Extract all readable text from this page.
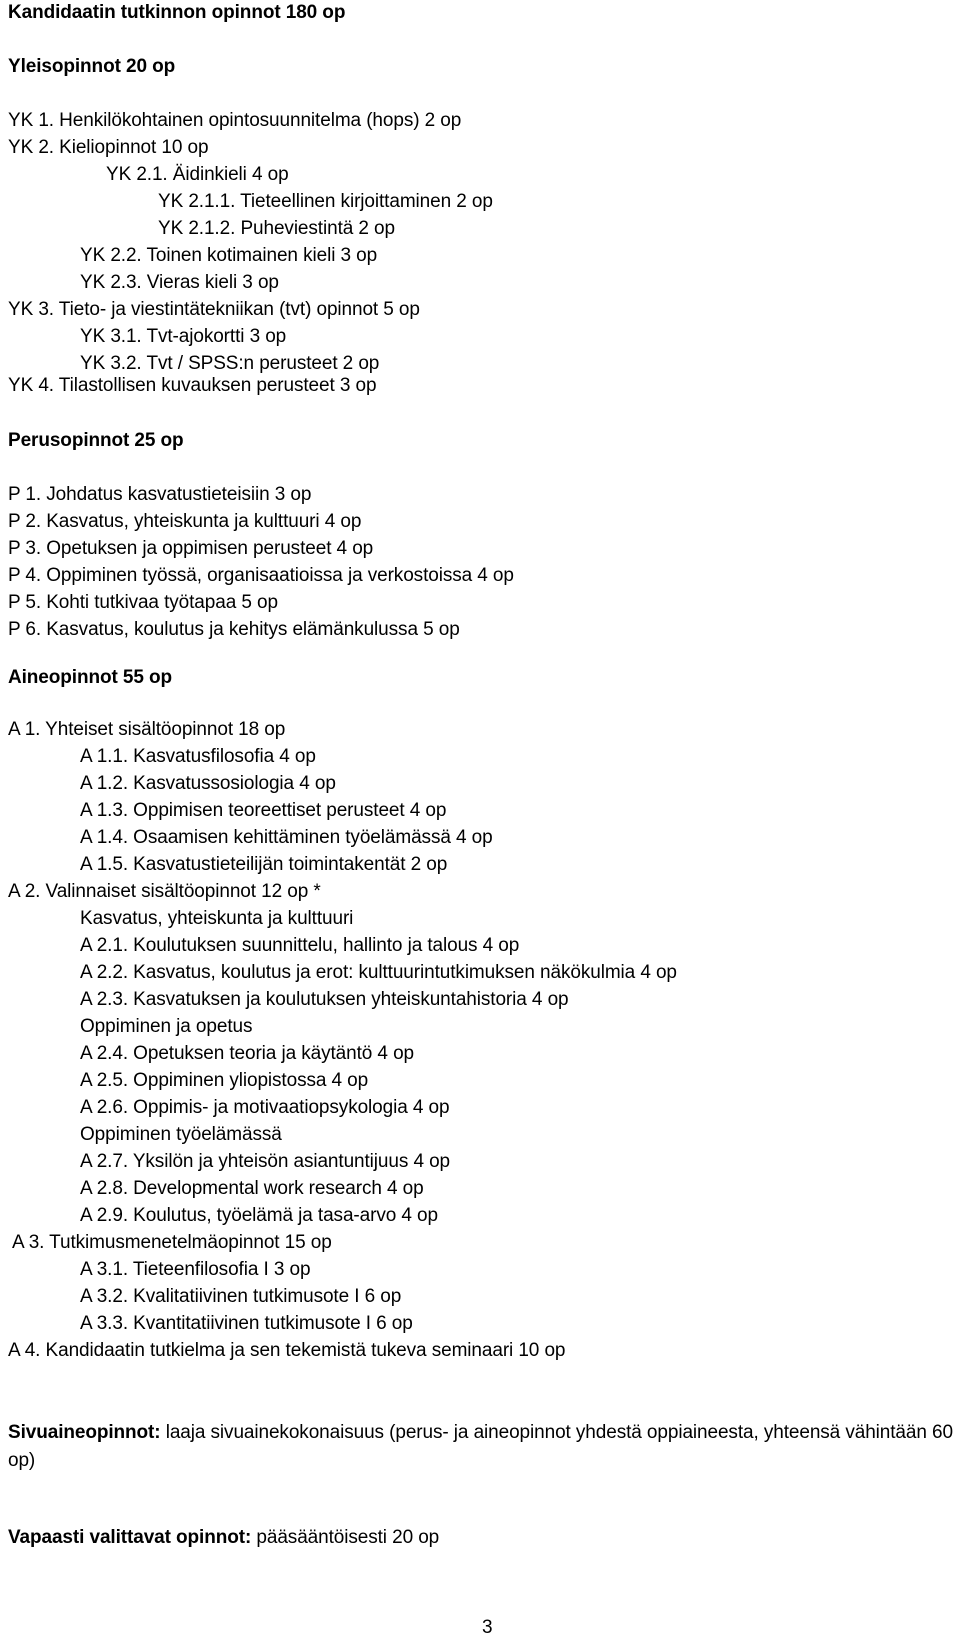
Kandidaatin tutkinnon opinnot 180 op
Yleisopinnot 20 op
YK 1. Henkilökohtainen opintosuunnitelma (hops) 2 op
YK 2. Kieliopinnot 10 op
YK 2.1. Äidinkieli 4 op
YK 2.1.1. Tieteellinen kirjoittaminen 2 op
YK 2.1.2. Puheviestintä 2 op
YK 2.2. Toinen kotimainen kieli 3 op
YK 2.3. Vieras kieli 3 op
YK 3. Tieto- ja viestintätekniikan (tvt) opinnot 5 op
YK 3.1. Tvt-ajokortti 3 op
YK 3.2. Tvt / SPSS:n perusteet 2 op
YK 4. Tilastollisen kuvauksen perusteet 3 op
Perusopinnot 25 op
P 1. Johdatus kasvatustieteisiin 3 op
P 2. Kasvatus, yhteiskunta ja kulttuuri 4 op
P 3. Opetuksen ja oppimisen perusteet 4 op
P 4. Oppiminen työssä, organisaatioissa ja verkostoissa 4 op
P 5. Kohti tutkivaa työtapaa 5 op
P 6. Kasvatus, koulutus ja kehitys elämänkulussa 5 op
Aineopinnot 55 op
A 1. Yhteiset sisältöopinnot 18 op
A 1.1. Kasvatusfilosofia 4 op
A 1.2. Kasvatussosiologia 4 op
A 1.3. Oppimisen teoreettiset perusteet 4 op
A 1.4. Osaamisen kehittäminen työelämässä 4 op
A 1.5. Kasvatustieteilijän toimintakentät 2 op
A 2. Valinnaiset sisältöopinnot 12 op *
Kasvatus, yhteiskunta ja kulttuuri
A 2.1. Koulutuksen suunnittelu, hallinto ja talous 4 op
A 2.2. Kasvatus, koulutus ja erot: kulttuurintutkimuksen näkökulmia 4 op
A 2.3. Kasvatuksen ja koulutuksen yhteiskuntahistoria 4 op
Oppiminen ja opetus
A 2.4. Opetuksen teoria ja käytäntö 4 op
A 2.5. Oppiminen yliopistossa 4 op
A 2.6. Oppimis- ja motivaatiopsykologia 4 op
Oppiminen työelämässä
A 2.7. Yksilön ja yhteisön asiantuntijuus 4 op
A 2.8. Developmental work research 4 op
A 2.9. Koulutus, työelämä ja tasa-arvo 4 op
A 3. Tutkimusmenetelmäopinnot 15 op
A 3.1. Tieteenfilosofia I 3 op
A 3.2. Kvalitatiivinen tutkimusote I 6 op
A 3.3. Kvantitatiivinen tutkimusote I 6 op
A 4. Kandidaatin tutkielma ja sen tekemistä tukeva seminaari 10 op
Sivuaineopinnot: laaja sivuainekokonaisuus (perus- ja aineopinnot yhdestä oppiaineesta, yhteensä vähintään 60 op)
Vapaasti valittavat opinnot: pääsääntöisesti 20 op
3
